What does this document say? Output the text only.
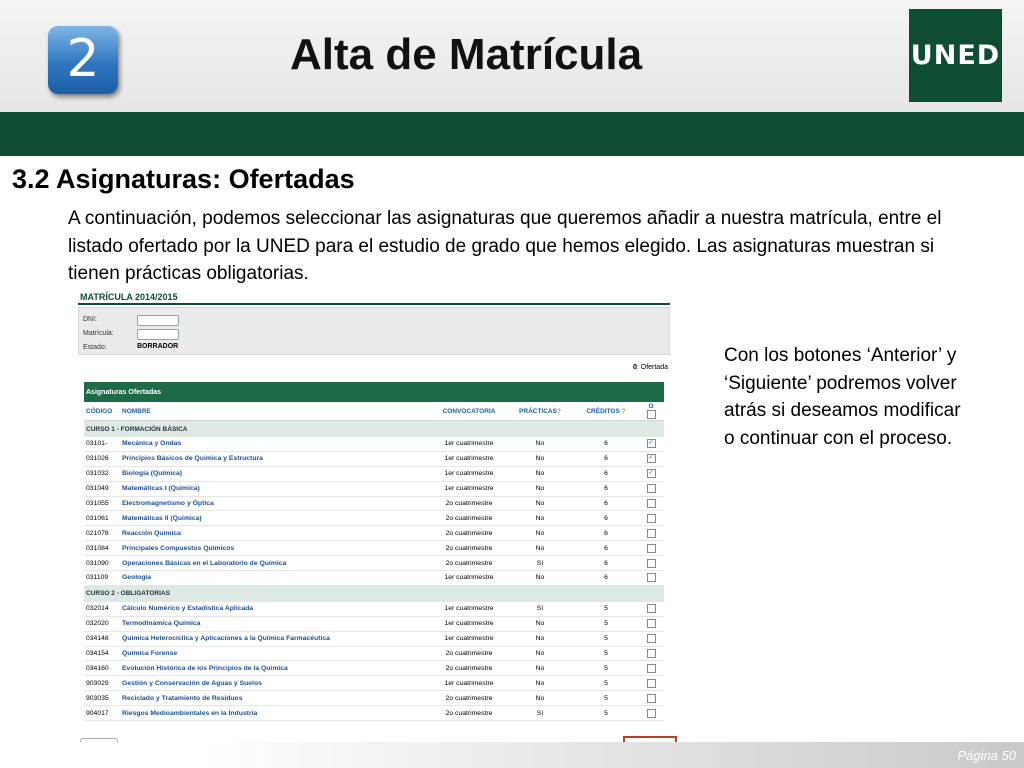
2	Alta de Matrícula	UNED
3.2 Asignaturas: Ofertadas
A continuación, podemos seleccionar las asignaturas que queremos añadir a nuestra matrícula, entre el listado ofertado por la UNED para el estudio de grado que hemos elegido. Las asignaturas muestran si tienen prácticas obligatorias.
Con los botones ‘Anterior’ y ‘Siguiente’ podremos volver atrás si deseamos modificar o continuar con el proceso.
MATRÍCULA 2014/2015
DNI:
Matrícula:
Estado:	BORRADOR
0: Ofertada
Asignaturas Ofertadas					
CÓDIGO	NOMBRE	CONVOCATORIA	PRÁCTICAS?	CRÉDITOS ?	O

CURSO 1 - FORMACIÓN BÁSICA					
03101-	Mecánica y Ondas	1er cuatrimestre	No	6	✓
031026	Principios Básicos de Química y Estructura	1er cuatrimestre	No	6	✓
031032	Biología (Química)	1er cuatrimestre	No	6	✓
031049	Matemáticas I (Química)	1er cuatrimestre	No	6	
031055	Electromagnetismo y Óptica	2o cuatrimestre	No	6	
031061	Matemáticas II (Química)	2o cuatrimestre	No	6	
021078	Reacción Química	2o cuatrimestre	No	6	
031084	Principales Compuestos Químicos	2o cuatrimestre	No	6	
031090	Operaciones Básicas en el Laboratorio de Química	2o cuatrimestre	Sí	6	
031109	Geología	1er cuatrimestre	No	6	
CURSO 2 - OBLIGATORIAS					
032014	Cálculo Numérico y Estadística Aplicada	1er cuatrimestre	Sí	5	
032020	Termodinámica Química	1er cuatrimestre	No	5	
034148	Química Heterocíclica y Aplicaciones a la Química Farmacéutica	1er cuatrimestre	No	5	
034154	Química Forense	2o cuatrimestre	No	5	
034160	Evolución Histórica de los Principios de la Química	2o cuatrimestre	No	5	
903029	Gestión y Conservación de Aguas y Suelos	1er cuatrimestre	No	5	
903035	Reciclado y Tratamiento de Residuos	2o cuatrimestre	No	5	
904017	Riesgos Medioambientales en la Industria	2o cuatrimestre	Sí	5	
Página 50
